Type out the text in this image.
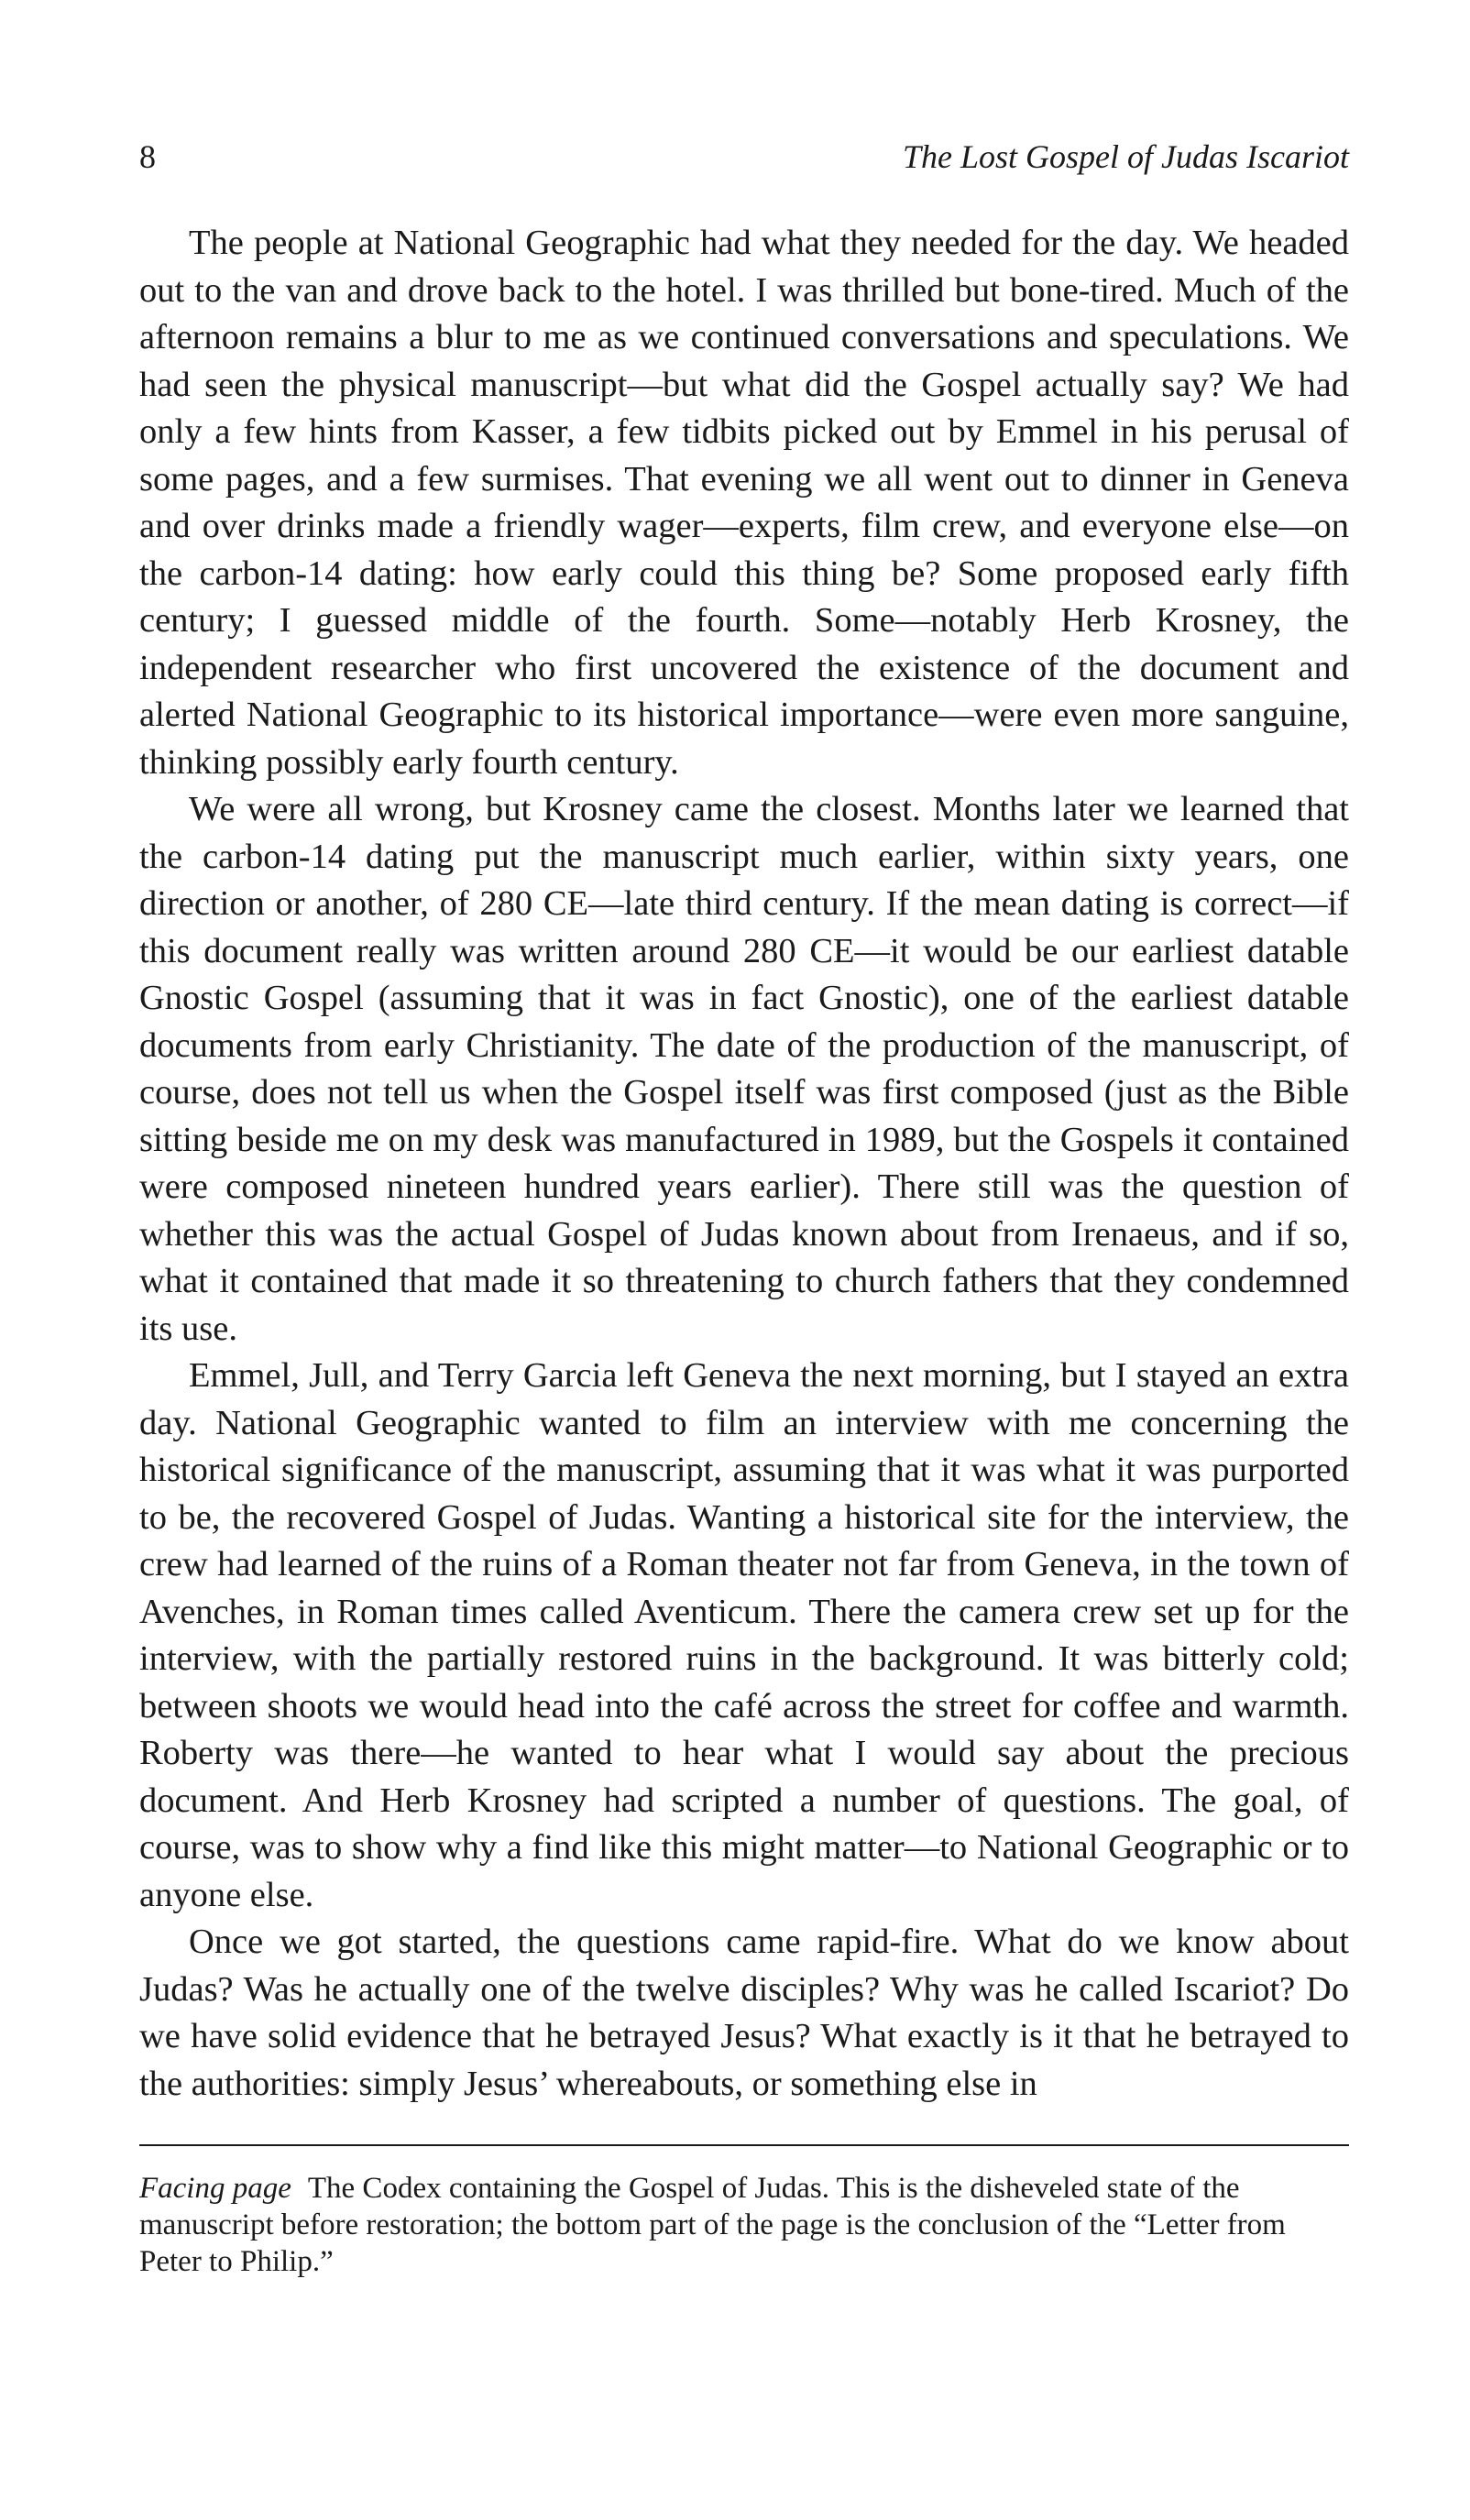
8	The Lost Gospel of Judas Iscariot

The people at National Geographic had what they needed for the day. We headed out to the van and drove back to the hotel. I was thrilled but bone-tired. Much of the afternoon remains a blur to me as we continued conversations and speculations. We had seen the physical manuscript—but what did the Gospel actually say? We had only a few hints from Kasser, a few tidbits picked out by Emmel in his perusal of some pages, and a few surmises. That evening we all went out to dinner in Geneva and over drinks made a friendly wager—experts, film crew, and everyone else—on the carbon-14 dating: how early could this thing be? Some proposed early fifth century; I guessed middle of the fourth. Some—notably Herb Krosney, the independent researcher who first uncovered the existence of the document and alerted National Geographic to its historical importance—were even more sanguine, thinking possibly early fourth century.

We were all wrong, but Krosney came the closest. Months later we learned that the carbon-14 dating put the manuscript much earlier, within sixty years, one direction or another, of 280 CE—late third century. If the mean dating is correct—if this document really was written around 280 CE—it would be our earliest datable Gnostic Gospel (assuming that it was in fact Gnostic), one of the earliest datable documents from early Christianity. The date of the production of the manuscript, of course, does not tell us when the Gospel itself was first composed (just as the Bible sitting beside me on my desk was manufactured in 1989, but the Gospels it contained were composed nineteen hundred years earlier). There still was the question of whether this was the actual Gospel of Judas known about from Irenaeus, and if so, what it contained that made it so threatening to church fathers that they condemned its use.

Emmel, Jull, and Terry Garcia left Geneva the next morning, but I stayed an extra day. National Geographic wanted to film an interview with me concerning the historical significance of the manuscript, assuming that it was what it was purported to be, the recovered Gospel of Judas. Wanting a historical site for the interview, the crew had learned of the ruins of a Roman theater not far from Geneva, in the town of Avenches, in Roman times called Aventicum. There the camera crew set up for the interview, with the partially restored ruins in the background. It was bitterly cold; between shoots we would head into the café across the street for coffee and warmth. Roberty was there—he wanted to hear what I would say about the precious document. And Herb Krosney had scripted a number of questions. The goal, of course, was to show why a find like this might matter—to National Geographic or to anyone else.

Once we got started, the questions came rapid-fire. What do we know about Judas? Was he actually one of the twelve disciples? Why was he called Iscariot? Do we have solid evidence that he betrayed Jesus? What exactly is it that he betrayed to the authorities: simply Jesus’ whereabouts, or something else in

Facing page The Codex containing the Gospel of Judas. This is the disheveled state of the manuscript before restoration; the bottom part of the page is the conclusion of the “Letter from Peter to Philip.”
